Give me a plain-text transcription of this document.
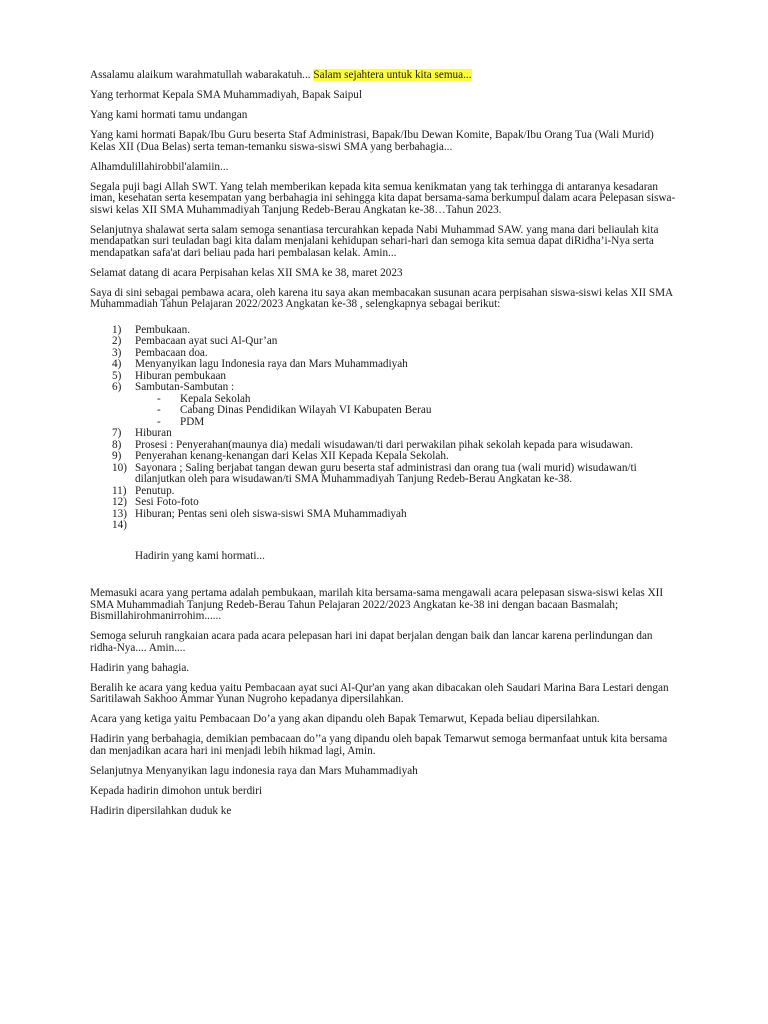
Assalamu alaikum warahmatullah wabarakatuh... Salam sejahtera untuk kita semua...

Yang terhormat Kepala SMA Muhammadiyah, Bapak Saipul

Yang kami hormati tamu undangan

Yang kami hormati Bapak/Ibu Guru beserta Staf Administrasi, Bapak/Ibu Dewan Komite, Bapak/Ibu Orang Tua (Wali Murid) Kelas XII (Dua Belas) serta teman-temanku siswa-siswi SMA yang berbahagia...

Alhamdulillahirobbil'alamiin...

Segala puji bagi Allah SWT. Yang telah memberikan kepada kita semua kenikmatan yang tak terhingga di antaranya kesadaran iman, kesehatan serta kesempatan yang berbahagia ini sehingga kita dapat bersama-sama berkumpul dalam acara Pelepasan siswa-siswi kelas XII SMA Muhammadiyah Tanjung Redeb-Berau Angkatan ke-38…Tahun 2023.

Selanjutnya shalawat serta salam semoga senantiasa tercurahkan kepada Nabi Muhammad SAW. yang mana dari beliaulah kita mendapatkan suri teuladan bagi kita dalam menjalani kehidupan sehari-hari dan semoga kita semua dapat diRidha’i-Nya serta mendapatkan safa'at dari beliau pada hari pembalasan kelak. Amin...

Selamat datang di acara Perpisahan kelas XII SMA ke 38, maret 2023

Saya di sini sebagai pembawa acara, oleh karena itu saya akan membacakan susunan acara perpisahan siswa-siswi kelas XII SMA Muhammadiah Tahun Pelajaran 2022/2023 Angkatan ke-38 , selengkapnya sebagai berikut:

1) Pembukaan.
2) Pembacaan ayat suci Al-Qur’an
3) Pembacaan doa.
4) Menyanyikan lagu Indonesia raya dan Mars Muhammadiyah
5) Hiburan pembukaan
6) Sambutan-Sambutan :
- Kepala Sekolah
- Cabang Dinas Pendidikan Wilayah VI Kabupaten Berau
- PDM
7) Hiburan
8) Prosesi : Penyerahan(maunya dia) medali wisudawan/ti dari perwakilan pihak sekolah kepada para wisudawan.
9) Penyerahan kenang-kenangan dari Kelas XII Kepada Kepala Sekolah.
10) Sayonara ; Saling berjabat tangan dewan guru beserta staf administrasi dan orang tua (wali murid) wisudawan/ti dilanjutkan oleh para wisudawan/ti SMA Muhammadiyah Tanjung Redeb-Berau Angkatan ke-38.
11) Penutup.
12) Sesi Foto-foto
13) Hiburan; Pentas seni oleh siswa-siswi SMA Muhammadiyah
14)

Hadirin yang kami hormati...

Memasuki acara yang pertama adalah pembukaan, marilah kita bersama-sama mengawali acara pelepasan siswa-siswi kelas XII SMA Muhammadiah Tanjung Redeb-Berau Tahun Pelajaran 2022/2023 Angkatan ke-38 ini dengan bacaan Basmalah; Bismillahirohmanirrohim......

Semoga seluruh rangkaian acara pada acara pelepasan hari ini dapat berjalan dengan baik dan lancar karena perlindungan dan ridha-Nya.... Amin....

Hadirin yang bahagia.

Beralih ke acara yang kedua yaitu Pembacaan ayat suci Al-Qur'an yang akan dibacakan oleh Saudari Marina Bara Lestari dengan Saritilawah Sakhoo Ammar Yunan Nugroho kepadanya dipersilahkan.

Acara yang ketiga yaitu Pembacaan Do’a yang akan dipandu oleh Bapak Temarwut, Kepada beliau dipersilahkan.

Hadirin yang berbahagia, demikian pembacaan do’’a yang dipandu oleh bapak Temarwut semoga bermanfaat untuk kita bersama dan menjadikan acara hari ini menjadi lebih hikmad lagi, Amin.

Selanjutnya Menyanyikan lagu indonesia raya dan Mars Muhammadiyah

Kepada hadirin dimohon untuk berdiri

Hadirin dipersilahkan duduk ke
